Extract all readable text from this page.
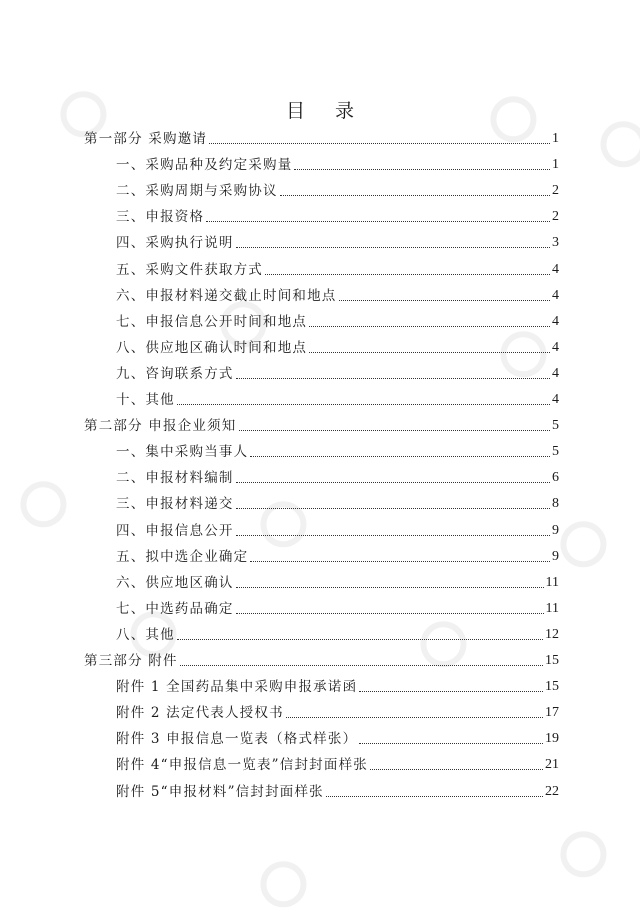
目 录
第一部分 采购邀请	1
一、采购品种及约定采购量	1
二、采购周期与采购协议	2
三、申报资格	2
四、采购执行说明	3
五、采购文件获取方式	4
六、申报材料递交截止时间和地点	4
七、申报信息公开时间和地点	4
八、供应地区确认时间和地点	4
九、咨询联系方式	4
十、其他	4
第二部分 申报企业须知	5
一、集中采购当事人	5
二、申报材料编制	6
三、申报材料递交	8
四、申报信息公开	9
五、拟中选企业确定	9
六、供应地区确认	11
七、中选药品确定	11
八、其他	12
第三部分 附件	15
附件 1 全国药品集中采购申报承诺函	15
附件 2 法定代表人授权书	17
附件 3 申报信息一览表（格式样张）	19
附件 4“申报信息一览表”信封封面样张	21
附件 5“申报材料”信封封面样张	22
